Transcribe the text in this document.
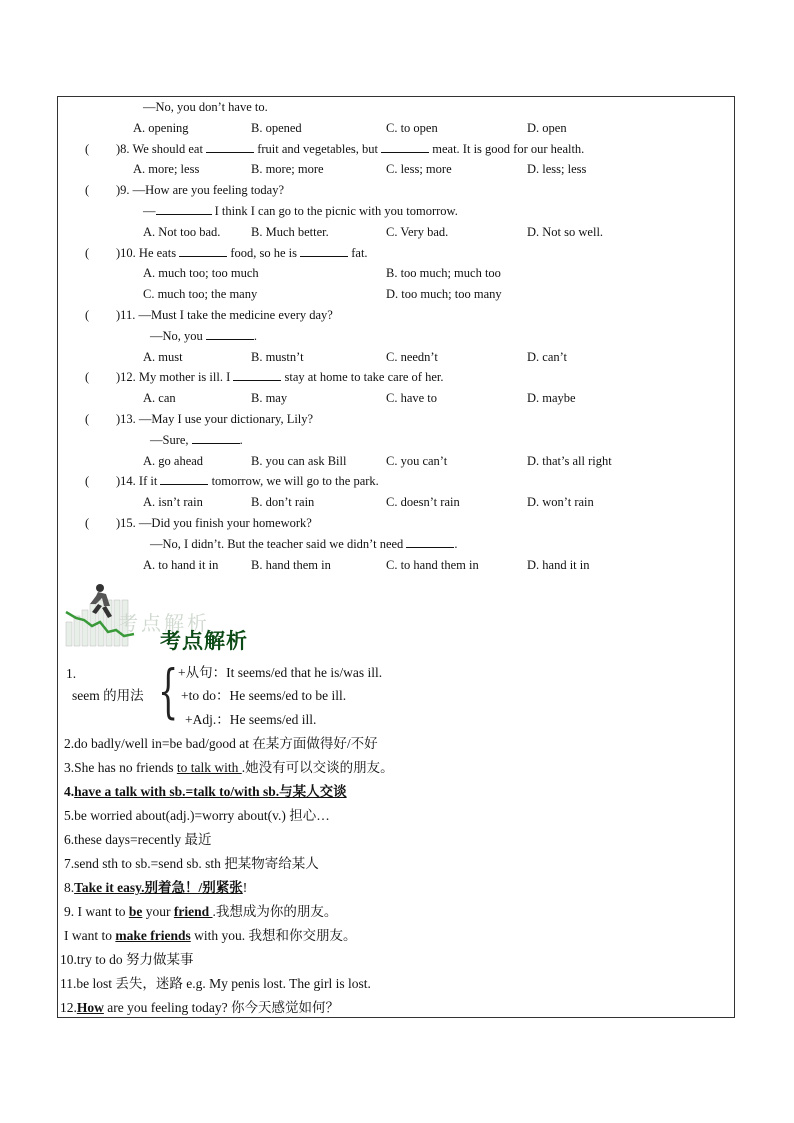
—No, you don’t have to.
A. opening	B. opened	C. to open	D. open
( )8. We should eat	fruit and vegetables, but	meat. It is good for our health.
A. more; less	B. more; more	C. less; more	D. less; less
( )9. —How are you feeling today?
—	I think I can go to the picnic with you tomorrow.
A. Not too bad. B. Much better.	C. Very bad.	D. Not so well.
( )10. He eats	food, so he is	fat.
A. much too; too much	B. too much; much too
C. much too; the many	D. too much; too many
( )11. —Must I take the medicine every day?
—No, you	.
A. must	B. mustn’t	C. needn’t	D. can’t
( )12. My mother is ill. I	stay at home to take care of her.
A. can	B. may	C. have to	D. maybe
( )13. —May I use your dictionary, Lily?
—Sure,	.
A. go ahead	B. you can ask Bill	C. you can’t	D. that’s all right
( )14. If it	tomorrow, we will go to the park.
A. isn’t rain	B. don’t rain	C. doesn’t rain	D. won’t rain
( )15. —Did you finish your homework?
—No, I didn’t. But the teacher said we didn’t need	.
A. to hand it in	B. hand them in	C. to hand them in	D. hand it in
考点解析
考点解析
1.
seem 的用法 { +从句：It seems/ed that he is/was ill.
+to do：He seems/ed to be ill.
+Adj.：He seems/ed ill.
2.do badly/well in=be bad/good at 在某方面做得好/不好
3.She has no friends to talk with .她没有可以交谈的朋友。
4.have a talk with sb.=talk to/with sb.与某人交谈
5.be worried about(adj.)=worry about(v.) 担心…
6.these days=recently 最近
7.send sth to sb.=send sb. sth 把某物寄给某人
8.Take it easy.别着急！/别紧张!
9. I want to be your friend .我想成为你的朋友。
I want to make friends with you. 我想和你交朋友。
10.try to do 努力做某事
11.be lost 丢失，迷路 e.g. My penis lost. The girl is lost.
12.How are you feeling today? 你今天感觉如何？
